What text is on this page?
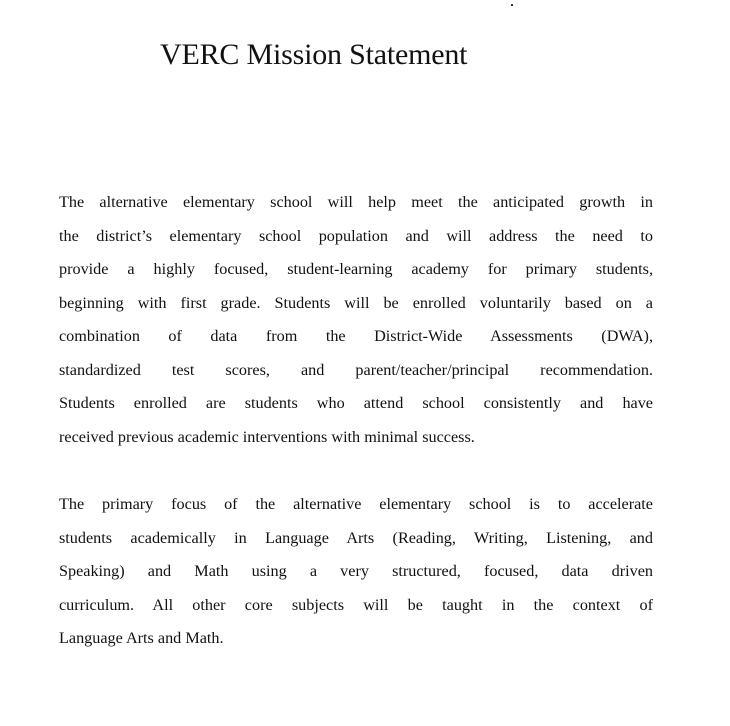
VERC Mission Statement

The alternative elementary school will help meet the anticipated growth in
the district’s elementary school population and will address the need to
provide a highly focused, student-learning academy for primary students,
beginning with first grade. Students will be enrolled voluntarily based on a
combination of data from the District-Wide Assessments (DWA),
standardized test scores, and parent/teacher/principal recommendation.
Students enrolled are students who attend school consistently and have
received previous academic interventions with minimal success.

The primary focus of the alternative elementary school is to accelerate
students academically in Language Arts (Reading, Writing, Listening, and
Speaking) and Math using a very structured, focused, data driven
curriculum. All other core subjects will be taught in the context of
Language Arts and Math.
